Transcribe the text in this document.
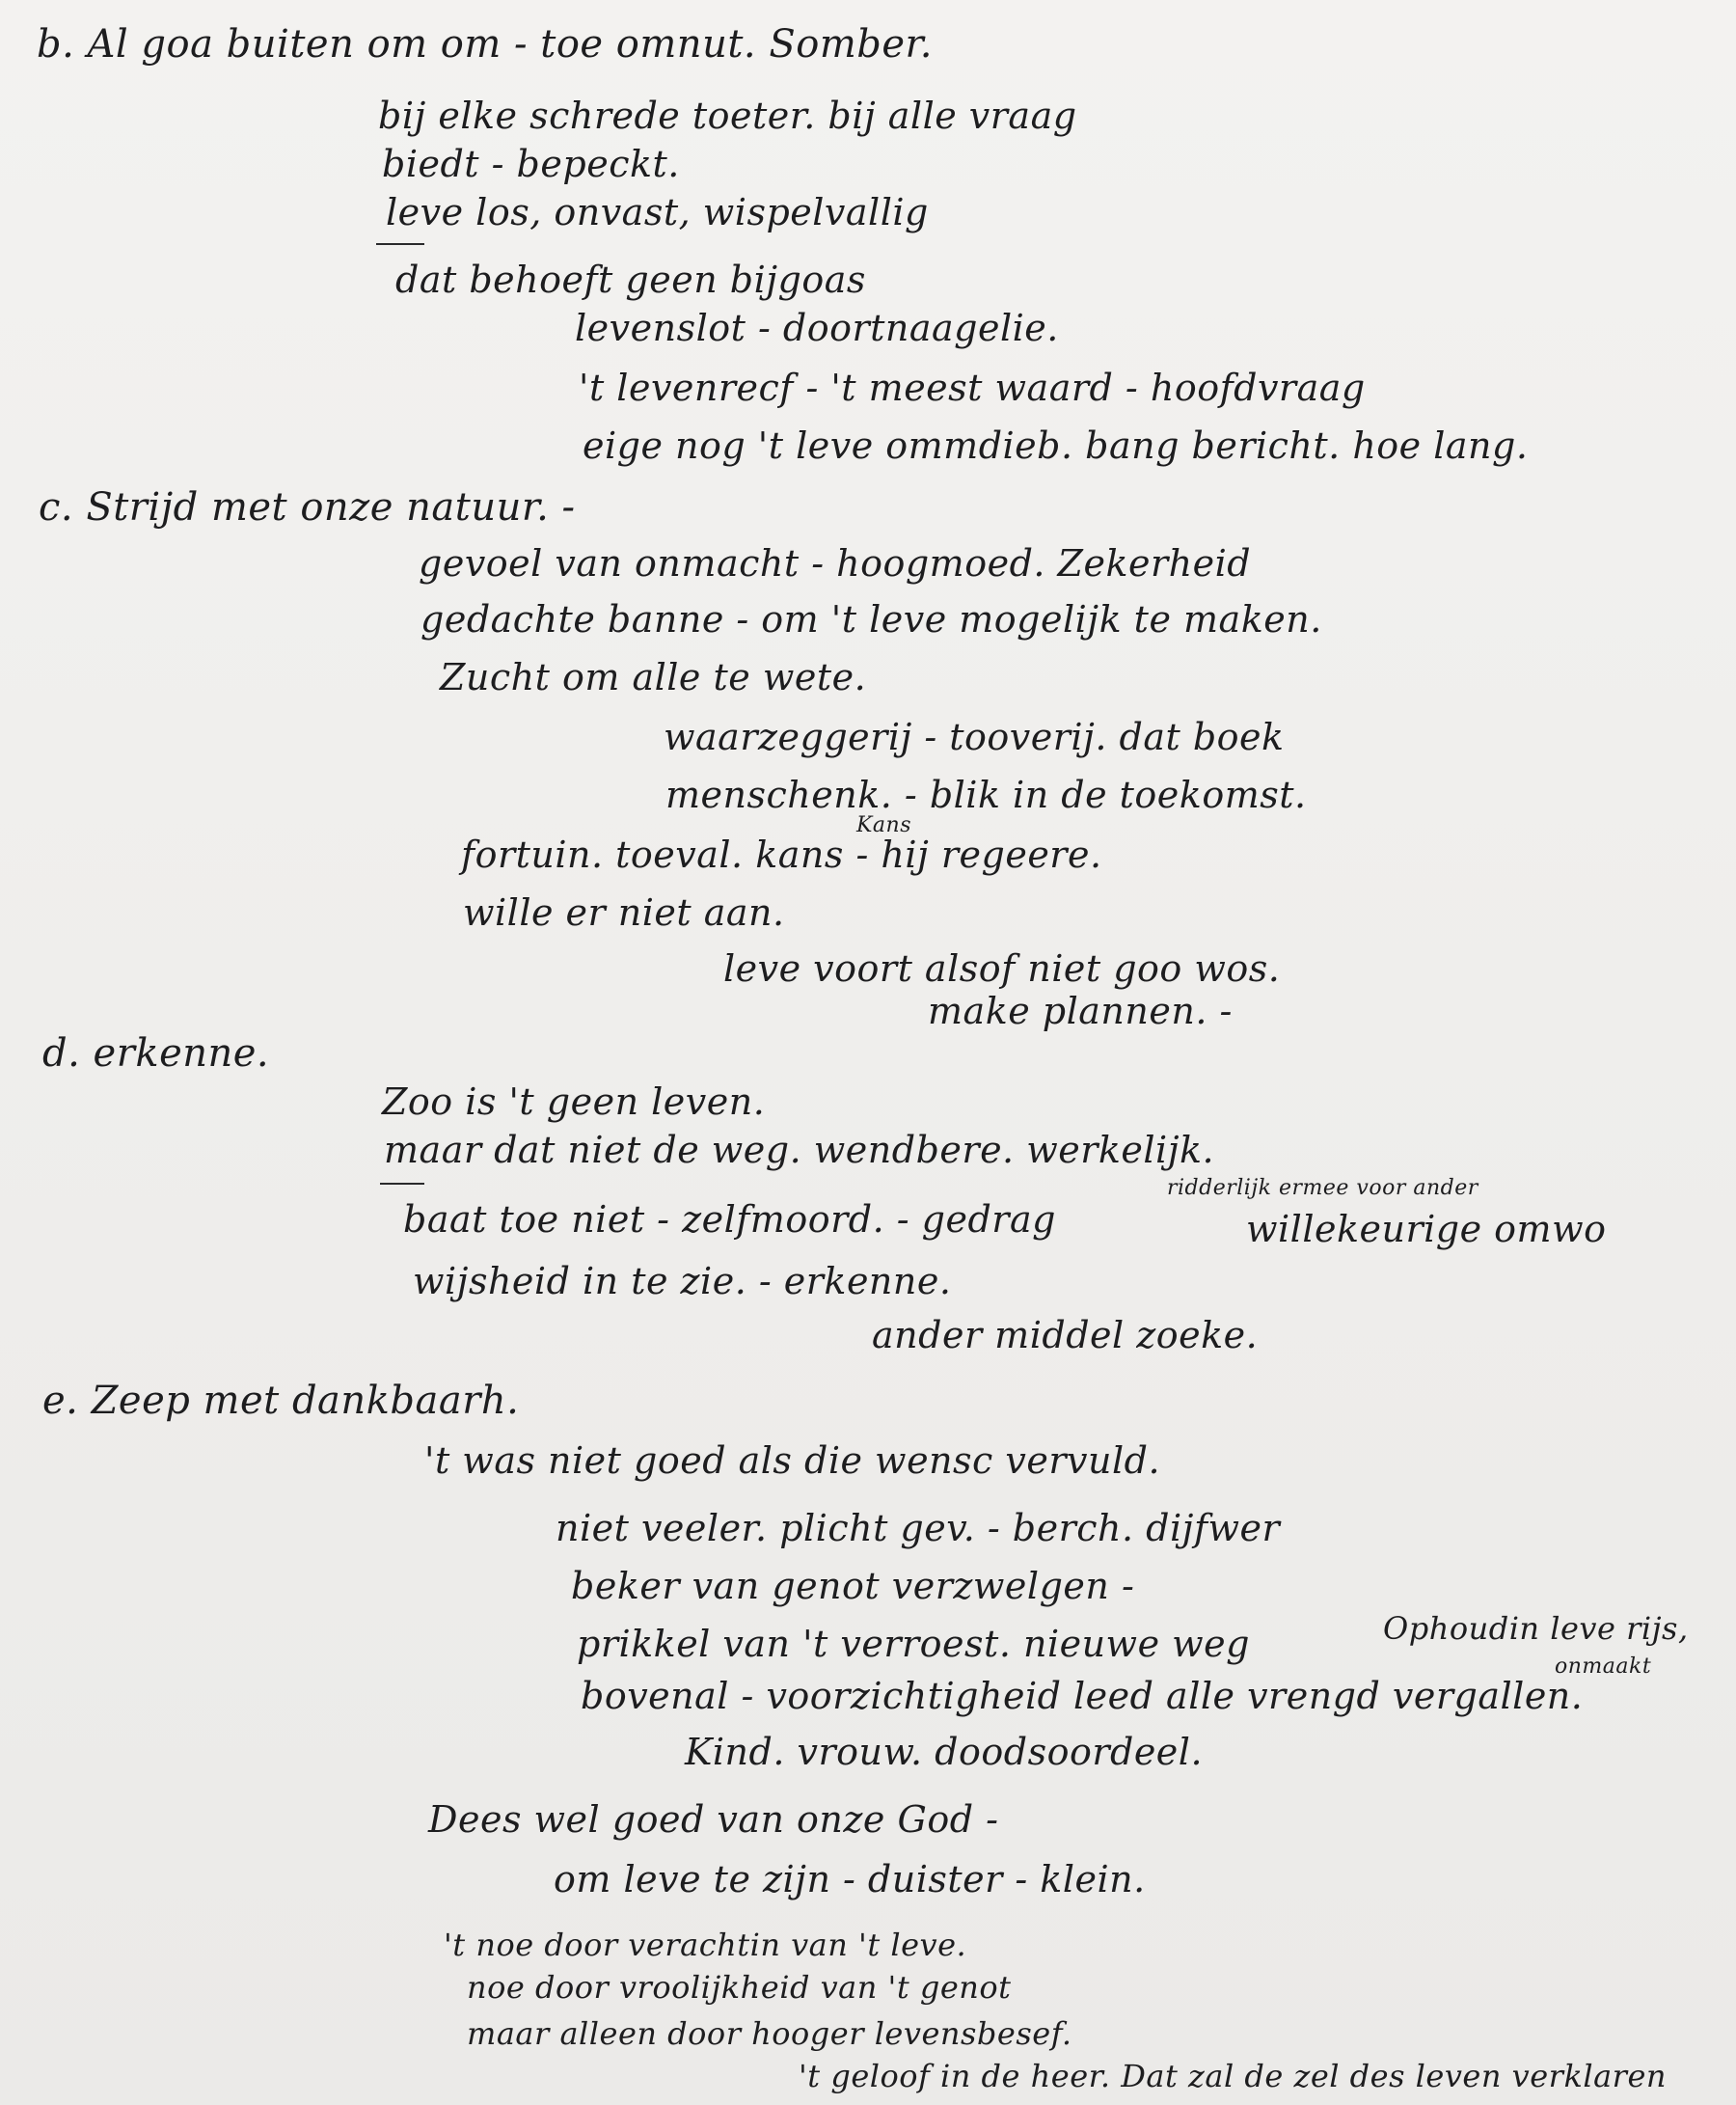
b. Al goa buiten om om - toe omnut. Somber.
bij elke schrede toeter. bij alle vraag
biedt - bepeckt.
leve los, onvast, wispelvallig
dat behoeft geen bijgoas
levenslot - doortnaagelie.
't levenrecf - 't meest waard - hoofdvraag
eige nog 't leve ommdieb. bang bericht. hoe lang.
c. Strijd met onze natuur. -
gevoel van onmacht - hoogmoed. Zekerheid
gedachte banne - om 't leve mogelijk te maken.
Zucht om alle te wete.
waarzeggerij - tooverij. dat boek
menschenk. - blik in de toekomst.
Kans
fortuin. toeval. kans - hij regeere.
wille er niet aan.
leve voort alsof niet goo wos.
make plannen. -
d. erkenne.
Zoo is 't geen leven.
maar dat niet de weg. wendbere. werkelijk.
ridderlijk ermee voor ander
baat toe niet - zelfmoord. - gedrag	willekeurige omwo
wijsheid in te zie. - erkenne.
ander middel zoeke.
e. Zeep met dankbaarh.
't was niet goed als die wensc vervuld.
niet veeler. plicht gev. - berch. dijfwer
beker van genot verzwelgen -
prikkel van 't verroest. nieuwe weg	Ophoudin leve rijs,
onmaakt
bovenal - voorzichtigheid leed alle vrengd vergallen.
Kind. vrouw. doodsoordeel.
Dees wel goed van onze God -
om leve te zijn - duister - klein.
't noe door verachtin van 't leve.
noe door vroolijkheid van 't genot
maar alleen door hooger levensbesef.
't geloof in de heer. Dat zal de zel des leven verklaren
